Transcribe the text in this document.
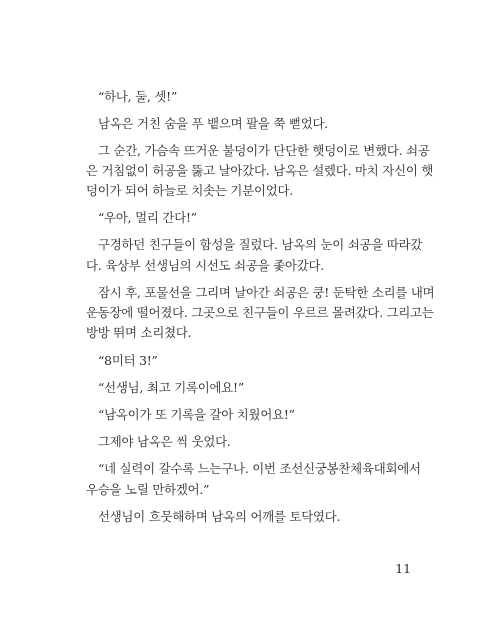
“하나, 둘, 셋!”
남옥은 거친 숨을 푸 뱉으며 팔을 쭉 뻗었다.
그 순간, 가슴속 뜨거운 불덩이가 단단한 햇덩이로 변했다. 쇠공
은 거침없이 허공을 뚫고 날아갔다. 남옥은 설렜다. 마치 자신이 햇
덩이가 되어 하늘로 치솟는 기분이었다.
“우아, 멀리 간다!”
구경하던 친구들이 함성을 질렀다. 남옥의 눈이 쇠공을 따라갔
다. 육상부 선생님의 시선도 쇠공을 좇아갔다.
잠시 후, 포물선을 그리며 날아간 쇠공은 쿵! 둔탁한 소리를 내며
운동장에 떨어졌다. 그곳으로 친구들이 우르르 몰려갔다. 그리고는
방방 뛰며 소리쳤다.
“8미터 3!”
“선생님, 최고 기록이에요!”
“남옥이가 또 기록을 갈아 치웠어요!”
그제야 남옥은 씩 웃었다.
“네 실력이 갈수록 느는구나. 이번 조선신궁봉찬체육대회에서
우승을 노릴 만하겠어.”
선생님이 흐뭇해하며 남옥의 어깨를 토닥였다.
11
